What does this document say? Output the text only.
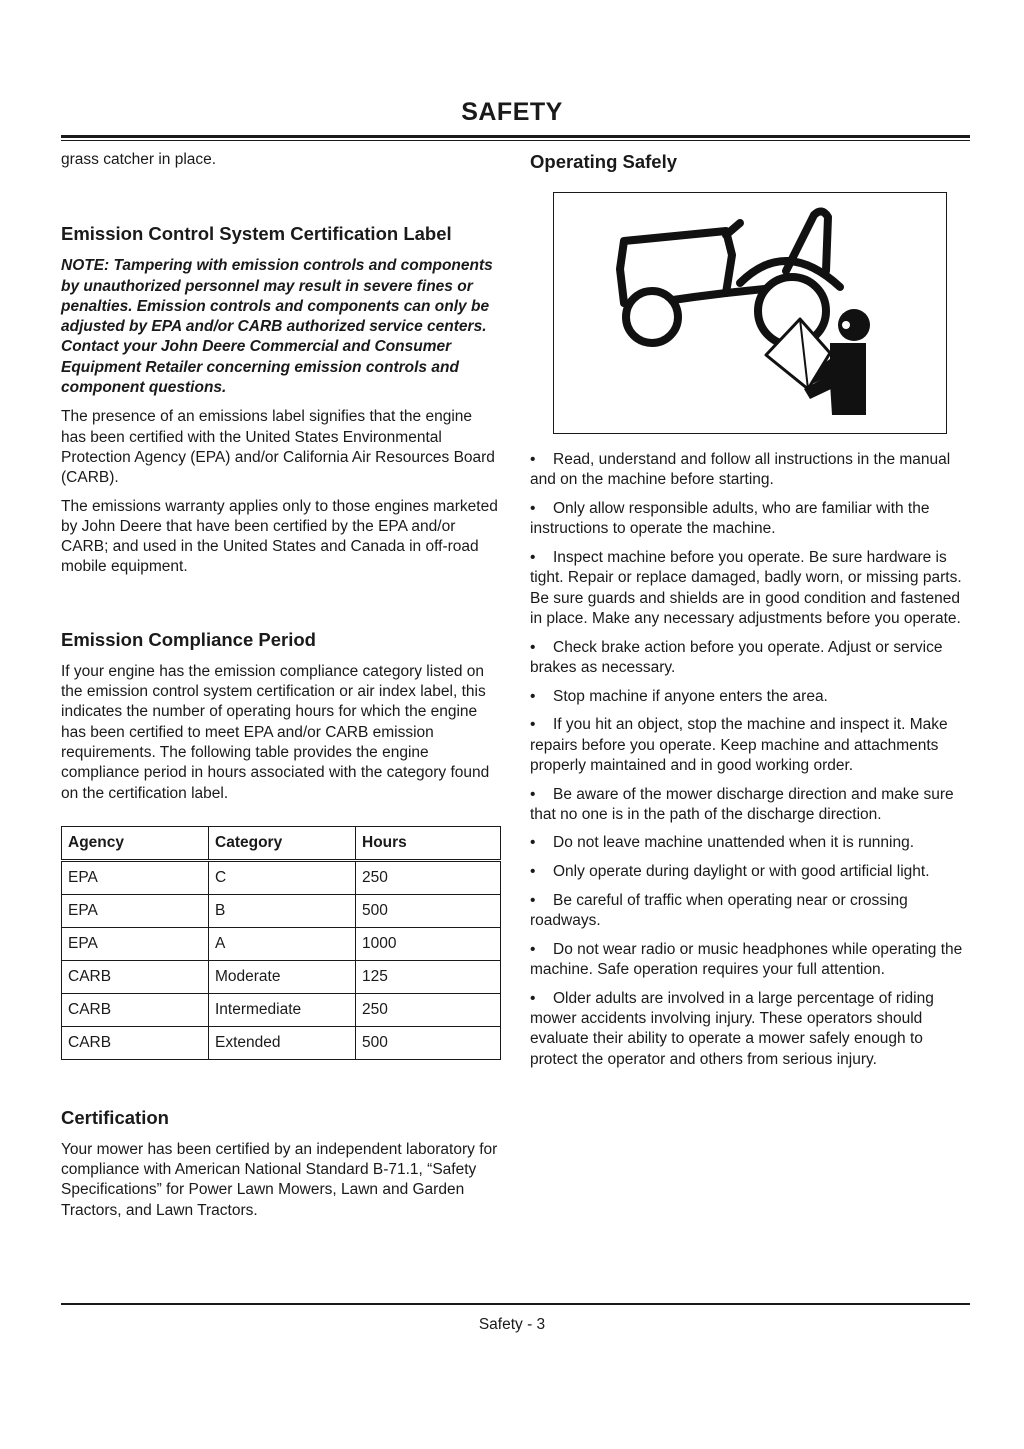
SAFETY

grass catcher in place.

Emission Control System Certification Label

NOTE: Tampering with emission controls and components by unauthorized personnel may result in severe fines or penalties. Emission controls and components can only be adjusted by EPA and/or CARB authorized service centers. Contact your John Deere Commercial and Consumer Equipment Retailer concerning emission controls and component questions.

The presence of an emissions label signifies that the engine has been certified with the United States Environmental Protection Agency (EPA) and/or California Air Resources Board (CARB).

The emissions warranty applies only to those engines marketed by John Deere that have been certified by the EPA and/or CARB; and used in the United States and Canada in off-road mobile equipment.

Emission Compliance Period

If your engine has the emission compliance category listed on the emission control system certification or air index label, this indicates the number of operating hours for which the engine has been certified to meet EPA and/or CARB emission requirements. The following table provides the engine compliance period in hours associated with the category found on the certification label.

Agency	Category	Hours
EPA	C	250
EPA	B	500
EPA	A	1000
CARB	Moderate	125
CARB	Intermediate	250
CARB	Extended	500
Certification

Your mower has been certified by an independent laboratory for compliance with American National Standard B-71.1, “Safety Specifications” for Power Lawn Mowers, Lawn and Garden Tractors, and Lawn Tractors.

Operating Safely
• Read, understand and follow all instructions in the manual and on the machine before starting.
• Only allow responsible adults, who are familiar with the instructions to operate the machine.
• Inspect machine before you operate. Be sure hardware is tight. Repair or replace damaged, badly worn, or missing parts. Be sure guards and shields are in good condition and fastened in place. Make any necessary adjustments before you operate.
• Check brake action before you operate. Adjust or service brakes as necessary.
• Stop machine if anyone enters the area.
• If you hit an object, stop the machine and inspect it. Make repairs before you operate. Keep machine and attachments properly maintained and in good working order.
• Be aware of the mower discharge direction and make sure that no one is in the path of the discharge direction.
• Do not leave machine unattended when it is running.
• Only operate during daylight or with good artificial light.
• Be careful of traffic when operating near or crossing roadways.
• Do not wear radio or music headphones while operating the machine. Safe operation requires your full attention.
• Older adults are involved in a large percentage of riding mower accidents involving injury. These operators should evaluate their ability to operate a mower safely enough to protect the operator and others from serious injury.
Safety - 3
